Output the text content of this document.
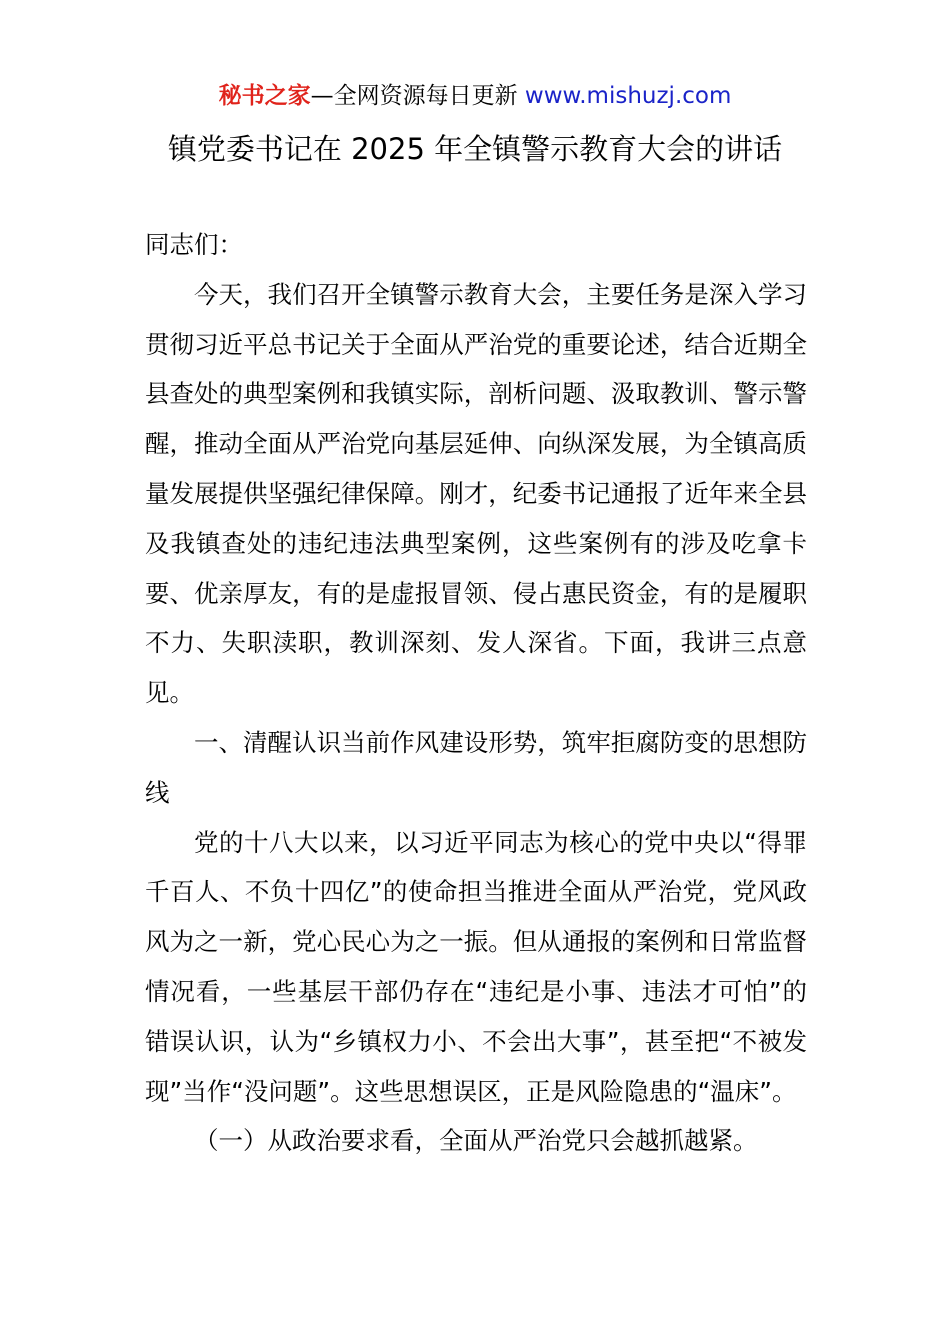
秘书之家—全网资源每日更新 www.mishuzj.com
镇党委书记在 2025 年全镇警示教育大会的讲话

同志们：

今天，我们召开全镇警示教育大会，主要任务是深入学习贯彻习近平总书记关于全面从严治党的重要论述，结合近期全县查处的典型案例和我镇实际，剖析问题、汲取教训、警示警醒，推动全面从严治党向基层延伸、向纵深发展，为全镇高质量发展提供坚强纪律保障。刚才，纪委书记通报了近年来全县及我镇查处的违纪违法典型案例，这些案例有的涉及吃拿卡要、优亲厚友，有的是虚报冒领、侵占惠民资金，有的是履职不力、失职渎职，教训深刻、发人深省。下面，我讲三点意见。

一、清醒认识当前作风建设形势，筑牢拒腐防变的思想防线

党的十八大以来，以习近平同志为核心的党中央以“得罪千百人、不负十四亿”的使命担当推进全面从严治党，党风政风为之一新，党心民心为之一振。但从通报的案例和日常监督情况看，一些基层干部仍存在“违纪是小事、违法才可怕”的错误认识，认为“乡镇权力小、不会出大事”，甚至把“不被发现”当作“没问题”。这些思想误区，正是风险隐患的“温床”。

（一）从政治要求看，全面从严治党只会越抓越紧。
